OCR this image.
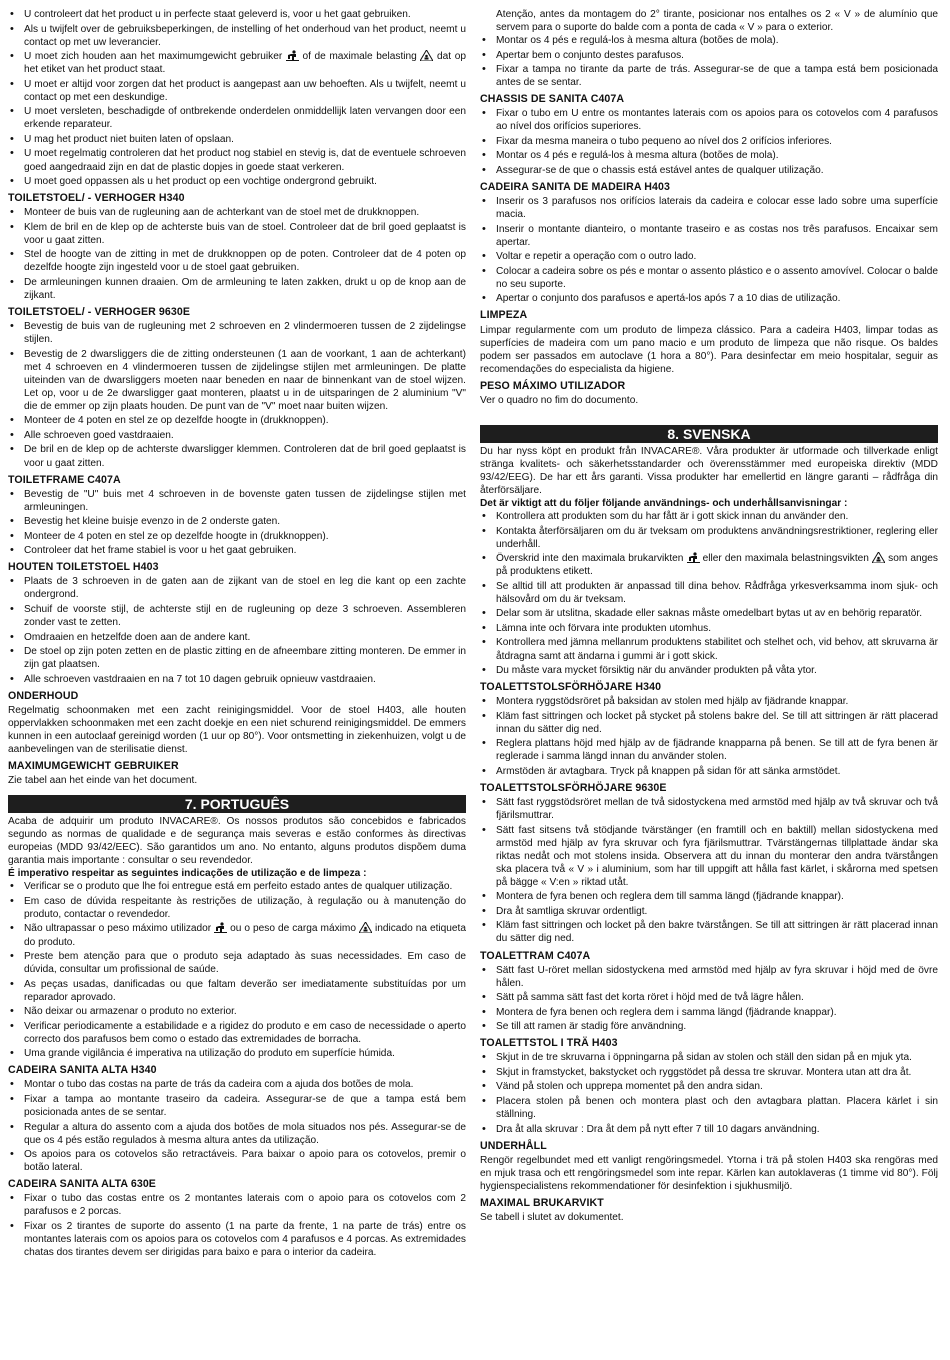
• U controleert dat het product u in perfecte staat geleverd is, voor u het gaat gebruiken.
• Als u twijfelt over de gebruiksbeperkingen, de instelling of het onderhoud van het product, neemt u contact op met uw leverancier.
• U moet zich houden aan het maximumgewicht gebruiker of de maximale belasting dat op het etiket van het product staat.
• U moet er altijd voor zorgen dat het product is aangepast aan uw behoeften. Als u twijfelt, neemt u contact op met een deskundige.
• U moet versleten, beschadigde of ontbrekende onderdelen onmiddellijk laten vervangen door een erkende reparateur.
• U mag het product niet buiten laten of opslaan.
• U moet regelmatig controleren dat het product nog stabiel en stevig is, dat de eventuele schroeven goed aangedraaid zijn en dat de plastic dopjes in goede staat verkeren.
• U moet goed oppassen als u het product op een vochtige ondergrond gebruikt.
TOILETSTOEL/ - VERHOGER H340
• Monteer de buis van de rugleuning aan de achterkant van de stoel met de drukknoppen.
• Klem de bril en de klep op de achterste buis van de stoel. Controleer dat de bril goed geplaatst is voor u gaat zitten.
• Stel de hoogte van de zitting in met de drukknoppen op de poten. Controleer dat de 4 poten op dezelfde hoogte zijn ingesteld voor u de stoel gaat gebruiken.
• De armleuningen kunnen draaien. Om de armleuning te laten zakken, drukt u op de knop aan de zijkant.
TOILETSTOEL/ - VERHOGER 9630E
• Bevestig de buis van de rugleuning met 2 schroeven en 2 vlindermoeren tussen de 2 zijdelingse stijlen.
• Bevestig de 2 dwarsliggers die de zitting ondersteunen (1 aan de voorkant, 1 aan de achterkant) met 4 schroeven en 4 vlindermoeren tussen de zijdelingse stijlen met armleuningen. De platte uiteinden van de dwarsliggers moeten naar beneden en naar de binnenkant van de stoel wijzen. Let op, voor u de 2e dwarsligger gaat monteren, plaatst u in de uitsparingen de 2 aluminium "V" die de emmer op zijn plaats houden. De punt van de "V" moet naar buiten wijzen.
• Monteer de 4 poten en stel ze op dezelfde hoogte in (drukknoppen).
• Alle schroeven goed vastdraaien.
• De bril en de klep op de achterste dwarsligger klemmen. Controleren dat de bril goed geplaatst is voor u gaat zitten.
TOILETFRAME C407A
• Bevestig de "U" buis met 4 schroeven in de bovenste gaten tussen de zijdelingse stijlen met armleuningen.
• Bevestig het kleine buisje evenzo in de 2 onderste gaten.
• Monteer de 4 poten en stel ze op dezelfde hoogte in (drukknoppen).
• Controleer dat het frame stabiel is voor u het gaat gebruiken.
HOUTEN TOILETSTOEL H403
• Plaats de 3 schroeven in de gaten aan de zijkant van de stoel en leg die kant op een zachte ondergrond.
• Schuif de voorste stijl, de achterste stijl en de rugleuning op deze 3 schroeven. Assembleren zonder vast te zetten.
• Omdraaien en hetzelfde doen aan de andere kant.
• De stoel op zijn poten zetten en de plastic zitting en de afneembare zitting monteren. De emmer in zijn gat plaatsen.
• Alle schroeven vastdraaien en na 7 tot 10 dagen gebruik opnieuw vastdraaien.
ONDERHOUD

Regelmatig schoonmaken met een zacht reinigingsmiddel. Voor de stoel H403, alle houten oppervlakken schoonmaken met een zacht doekje en een niet schurend reinigingsmiddel. De emmers kunnen in een autoclaaf gereinigd worden (1 uur op 80°). Voor ontsmetting in ziekenhuizen, volgt u de aanbevelingen van de sterilisatie dienst.

MAXIMUMGEWICHT GEBRUIKER

Zie tabel aan het einde van het document.

7. PORTUGUÊS

Acaba de adquirir um produto INVACARE®. Os nossos produtos são concebidos e fabricados segundo as normas de qualidade e de segurança mais severas e estão conformes às directivas europeias (MDD 93/42/EEC). São garantidos um ano. No entanto, alguns produtos dispõem duma garantia mais importante : consultar o seu revendedor.

É imperativo respeitar as seguintes indicações de utilização e de limpeza :

• Verificar se o produto que lhe foi entregue está em perfeito estado antes de qualquer utilização.
• Em caso de dúvida respeitante às restrições de utilização, à regulação ou à manutenção do produto, contactar o revendedor.
• Não ultrapassar o peso máximo utilizador ou o peso de carga máximo indicado na etiqueta do produto.
• Preste bem atenção para que o produto seja adaptado às suas necessidades. Em caso de dúvida, consultar um profissional de saúde.
• As peças usadas, danificadas ou que faltam deverão ser imediatamente substituídas por um reparador aprovado.
• Não deixar ou armazenar o produto no exterior.
• Verificar periodicamente a estabilidade e a rigidez do produto e em caso de necessidade o aperto correcto dos parafusos bem como o estado das extremidades de borracha.
• Uma grande vigilância é imperativa na utilização do produto em superfície húmida.
CADEIRA SANITA ALTA H340
• Montar o tubo das costas na parte de trás da cadeira com a ajuda dos botões de mola.
• Fixar a tampa ao montante traseiro da cadeira. Assegurar-se de que a tampa está bem posicionada antes de se sentar.
• Regular a altura do assento com a ajuda dos botões de mola situados nos pés. Assegurar-se de que os 4 pés estão regulados à mesma altura antes da utilização.
• Os apoios para os cotovelos são retractáveis. Para baixar o apoio para os cotovelos, premir o botão lateral.
CADEIRA SANITA ALTA 630E
• Fixar o tubo das costas entre os 2 montantes laterais com o apoio para os cotovelos com 2 parafusos e 2 porcas.
• Fixar os 2 tirantes de suporte do assento (1 na parte da frente, 1 na parte de trás) entre os montantes laterais com os apoios para os cotovelos com 4 parafusos e 4 porcas. As extremidades chatas dos tirantes devem ser dirigidas para baixo e para o interior da cadeira.

Atenção, antes da montagem do 2° tirante, posicionar nos entalhes os 2 « V » de alumínio que servem para o suporte do balde com a ponta de cada « V » para o exterior.

• Montar os 4 pés e regulá-los à mesma altura (botões de mola).
• Apertar bem o conjunto destes parafusos.
• Fixar a tampa no tirante da parte de trás. Assegurar-se de que a tampa está bem posicionada antes de se sentar.
CHASSIS DE SANITA C407A
• Fixar o tubo em U entre os montantes laterais com os apoios para os cotovelos com 4 parafusos ao nível dos orifícios superiores.
• Fixar da mesma maneira o tubo pequeno ao nível dos 2 orifícios inferiores.
• Montar os 4 pés e regulá-los à mesma altura (botões de mola).
• Assegurar-se de que o chassis está estável antes de qualquer utilização.
CADEIRA SANITA DE MADEIRA H403
• Inserir os 3 parafusos nos orifícios laterais da cadeira e colocar esse lado sobre uma superfície macia.
• Inserir o montante dianteiro, o montante traseiro e as costas nos três parafusos. Encaixar sem apertar.
• Voltar e repetir a operação com o outro lado.
• Colocar a cadeira sobre os pés e montar o assento plástico e o assento amovível. Colocar o balde no seu suporte.
• Apertar o conjunto dos parafusos e apertá-los após 7 a 10 dias de utilização.
LIMPEZA

Limpar regularmente com um produto de limpeza clássico. Para a cadeira H403, limpar todas as superfícies de madeira com um pano macio e um produto de limpeza que não risque. Os baldes podem ser passados em autoclave (1 hora a 80°). Para desinfectar em meio hospitalar, seguir as recomendações do especialista da higiene.

PESO MÁXIMO UTILIZADOR

Ver o quadro no fim do documento.

8. SVENSKA

Du har nyss köpt en produkt från INVACARE®. Våra produkter är utformade och tillverkade enligt stränga kvalitets- och säkerhetsstandarder och överensstämmer med europeiska direktiv (MDD 93/42/EEG). De har ett års garanti. Vissa produkter har emellertid en längre garanti – rådfråga din återförsäljare.

Det är viktigt att du följer följande användnings- och underhållsanvisningar :

• Kontrollera att produkten som du har fått är i gott skick innan du använder den.
• Kontakta återförsäljaren om du är tveksam om produktens användningsrestriktioner, reglering eller underhåll.
• Överskrid inte den maximala brukarvikten eller den maximala belastningsvikten som anges på produktens etikett.
• Se alltid till att produkten är anpassad till dina behov. Rådfråga yrkesverksamma inom sjuk- och hälsovård om du är tveksam.
• Delar som är utslitna, skadade eller saknas måste omedelbart bytas ut av en behörig reparatör.
• Lämna inte och förvara inte produkten utomhus.
• Kontrollera med jämna mellanrum produktens stabilitet och stelhet och, vid behov, att skruvarna är åtdragna samt att ändarna i gummi är i gott skick.
• Du måste vara mycket försiktig när du använder produkten på våta ytor.
TOALETTSTOLSFÖRHÖJARE H340
• Montera ryggstödsröret på baksidan av stolen med hjälp av fjädrande knappar.
• Kläm fast sittringen och locket på stycket på stolens bakre del. Se till att sittringen är rätt placerad innan du sätter dig ned.
• Reglera plattans höjd med hjälp av de fjädrande knapparna på benen. Se till att de fyra benen är reglerade i samma längd innan du använder stolen.
• Armstöden är avtagbara. Tryck på knappen på sidan för att sänka armstödet.
TOALETTSTOLSFÖRHÖJARE 9630E
• Sätt fast ryggstödsröret mellan de två sidostyckena med armstöd med hjälp av två skruvar och två fjärilsmuttrar.
• Sätt fast sitsens två stödjande tvärstänger (en framtill och en baktill) mellan sidostyckena med armstöd med hjälp av fyra skruvar och fyra fjärilsmuttrar. Tvärstängernas tillplattade ändar ska riktas nedåt och mot stolens insida. Observera att du innan du monterar den andra tvärstången ska placera två « V » i aluminium, som har till uppgift att hålla fast kärlet, i skårorna med spetsen på bägge « V:en » riktad utåt.
• Montera de fyra benen och reglera dem till samma längd (fjädrande knappar).
• Dra åt samtliga skruvar ordentligt.
• Kläm fast sittringen och locket på den bakre tvärstången. Se till att sittringen är rätt placerad innan du sätter dig ned.
TOALETTRAM C407A
• Sätt fast U-röret mellan sidostyckena med armstöd med hjälp av fyra skruvar i höjd med de övre hålen.
• Sätt på samma sätt fast det korta röret i höjd med de två lägre hålen.
• Montera de fyra benen och reglera dem i samma längd (fjädrande knappar).
• Se till att ramen är stadig före användning.
TOALETTSTOL I TRÄ H403
• Skjut in de tre skruvarna i öppningarna på sidan av stolen och ställ den sidan på en mjuk yta.
• Skjut in framstycket, bakstycket och ryggstödet på dessa tre skruvar. Montera utan att dra åt.
• Vänd på stolen och upprepa momentet på den andra sidan.
• Placera stolen på benen och montera plast och den avtagbara plattan. Placera kärlet i sin ställning.
• Dra åt alla skruvar : Dra åt dem på nytt efter 7 till 10 dagars användning.
UNDERHÅLL

Rengör regelbundet med ett vanligt rengöringsmedel. Ytorna i trä på stolen H403 ska rengöras med en mjuk trasa och ett rengöringsmedel som inte repar. Kärlen kan autoklaveras (1 timme vid 80°). Följ hygienspecialistens rekommendationer för desinfektion i sjukhusmiljö.

MAXIMAL BRUKARVIKT

Se tabell i slutet av dokumentet.
